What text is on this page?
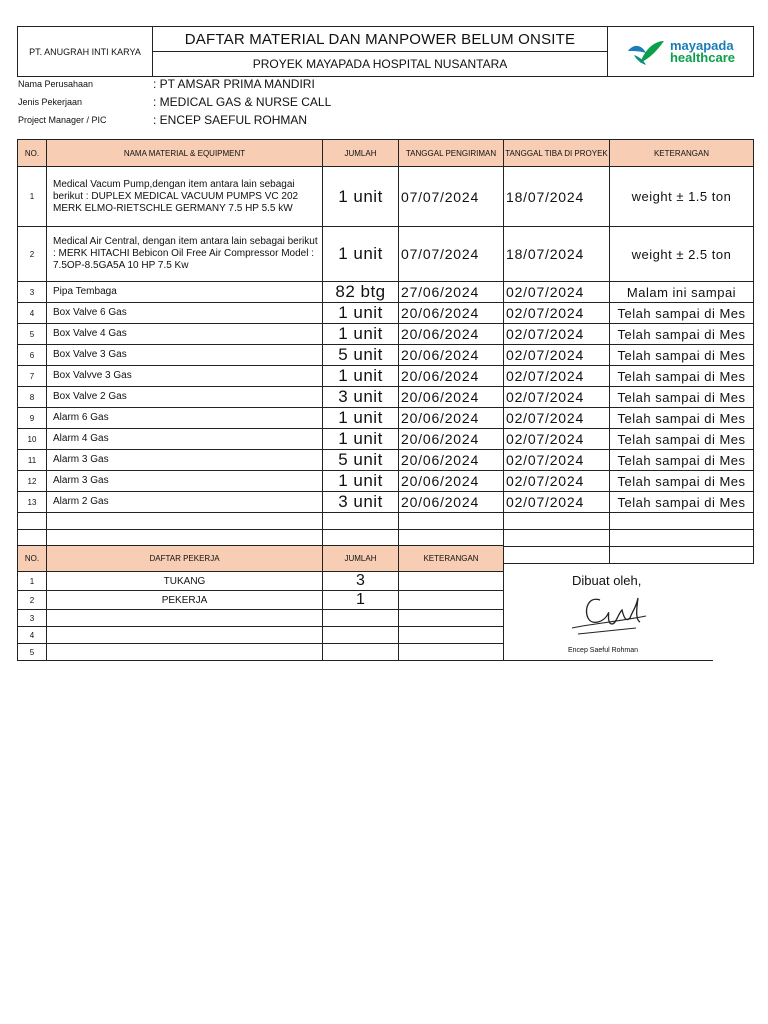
PT. ANUGRAH INTI KARYA	DAFTAR MATERIAL DAN MANPOWER BELUM ONSITE	mayapada
healthcare

PROYEK MAYAPADA HOSPITAL NUSANTARA
Nama Perusahaan	: PT AMSAR PRIMA MANDIRI
Jenis Pekerjaan	: MEDICAL GAS & NURSE CALL
Project Manager / PIC	: ENCEP SAEFUL ROHMAN
NO.	NAMA MATERIAL & EQUIPMENT	JUMLAH	TANGGAL PENGIRIMAN	TANGGAL TIBA DI PROYEK	KETERANGAN
1	Medical Vacum Pump,dengan item antara lain sebagai berikut : DUPLEX MEDICAL VACUUM PUMPS VC 202 MERK ELMO-RIETSCHLE GERMANY 7.5 HP 5.5 kW	1 unit	07/07/2024	18/07/2024	weight ± 1.5 ton
2	Medical Air Central, dengan item antara lain sebagai berikut : MERK HITACHI Bebicon Oil Free Air Compressor Model : 7.5OP-8.5GA5A 10 HP 7.5 Kw	1 unit	07/07/2024	18/07/2024	weight ± 2.5 ton
3	Pipa Tembaga	82 btg	27/06/2024	02/07/2024	Malam ini sampai
4	Box Valve 6 Gas	1 unit	20/06/2024	02/07/2024	Telah sampai di Mes
5	Box Valve 4 Gas	1 unit	20/06/2024	02/07/2024	Telah sampai di Mes
6	Box Valve 3 Gas	5 unit	20/06/2024	02/07/2024	Telah sampai di Mes
7	Box Valvve 3 Gas	1 unit	20/06/2024	02/07/2024	Telah sampai di Mes
8	Box Valve 2 Gas	3 unit	20/06/2024	02/07/2024	Telah sampai di Mes
9	Alarm 6 Gas	1 unit	20/06/2024	02/07/2024	Telah sampai di Mes
10	Alarm 4 Gas	1 unit	20/06/2024	02/07/2024	Telah sampai di Mes
11	Alarm 3 Gas	5 unit	20/06/2024	02/07/2024	Telah sampai di Mes
12	Alarm 3 Gas	1 unit	20/06/2024	02/07/2024	Telah sampai di Mes
13	Alarm 2 Gas	3 unit	20/06/2024	02/07/2024	Telah sampai di Mes

NO.	DAFTAR PEKERJA	JUMLAH	KETERANGAN
1	TUKANG	3	
2	PEKERJA	1	
3			
4			
5			
Dibuat oleh,
Encep Saeful Rohman
